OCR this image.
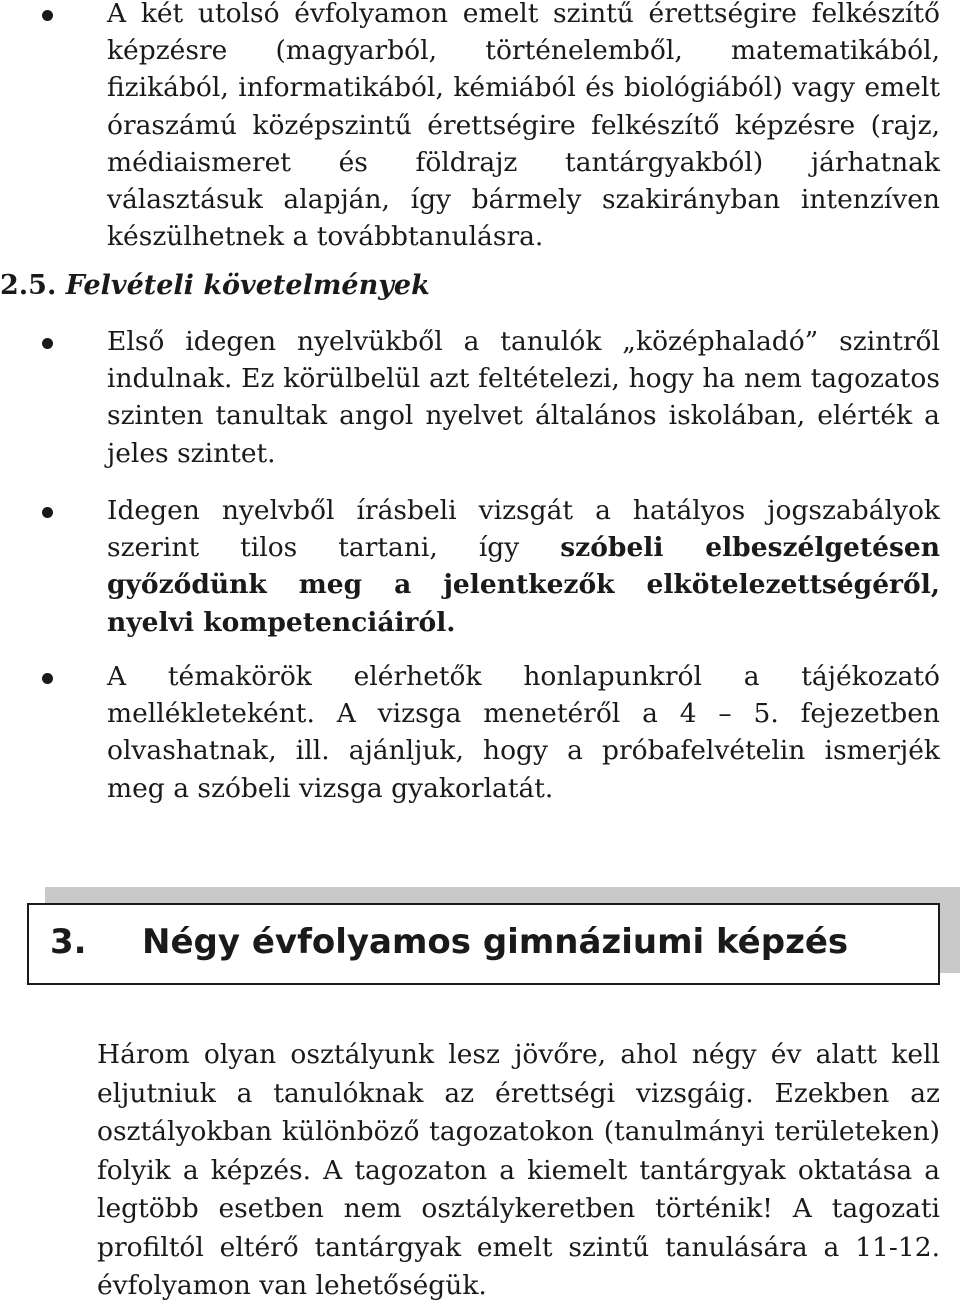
A két utolsó évfolyamon emelt szintű érettségire felkészítő képzésre (magyarból, történelemből, matematikából, fizikából, informatikából, kémiából és biológiából) vagy emelt óraszámú középszintű érettségire felkészítő képzésre (rajz, médiaismeret és földrajz tantárgyakból) járhatnak választásuk alapján, így bármely szakirányban intenzíven készülhetnek a továbbtanulásra.

2.5. Felvételi követelmények

Első idegen nyelvükből a tanulók „középhaladó” szintről indulnak. Ez körülbelül azt feltételezi, hogy ha nem tagozatos szinten tanultak angol nyelvet általános iskolában, elérték a jeles szintet.

Idegen nyelvből írásbeli vizsgát a hatályos jogszabályok szerint tilos tartani, így szóbeli elbeszélgetésen győződünk meg a jelentkezők elkötelezettségéről, nyelvi kompetenciáiról.

A témakörök elérhetők honlapunkról a tájékozató mellékleteként. A vizsga menetéről a 4 – 5. fejezetben olvashatnak, ill. ajánljuk, hogy a próbafelvételin ismerjék meg a szóbeli vizsga gyakorlatát.

3. Négy évfolyamos gimnáziumi képzés

Három olyan osztályunk lesz jövőre, ahol négy év alatt kell eljutniuk a tanulóknak az érettségi vizsgáig. Ezekben az osztályokban különböző tagozatokon (tanulmányi területeken) folyik a képzés. A tagozaton a kiemelt tantárgyak oktatása a legtöbb esetben nem osztálykeretben történik! A tagozati profiltól eltérő tantárgyak emelt szintű tanulására a 11-12. évfolyamon van lehetőségük.
